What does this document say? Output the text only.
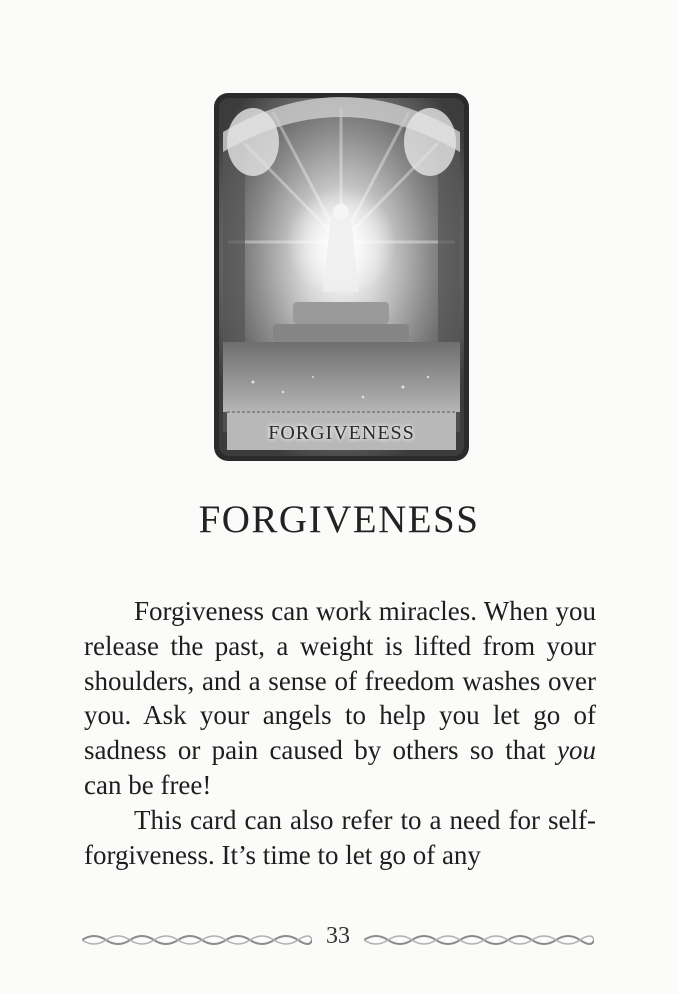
FORGIVENESS
FORGIVENESS

Forgiveness can work miracles. When you release the past, a weight is lifted from your shoulders, and a sense of freedom washes over you. Ask your angels to help you let go of sadness or pain caused by others so that you can be free!

This card can also refer to a need for self-forgiveness. It’s time to let go of any

33
